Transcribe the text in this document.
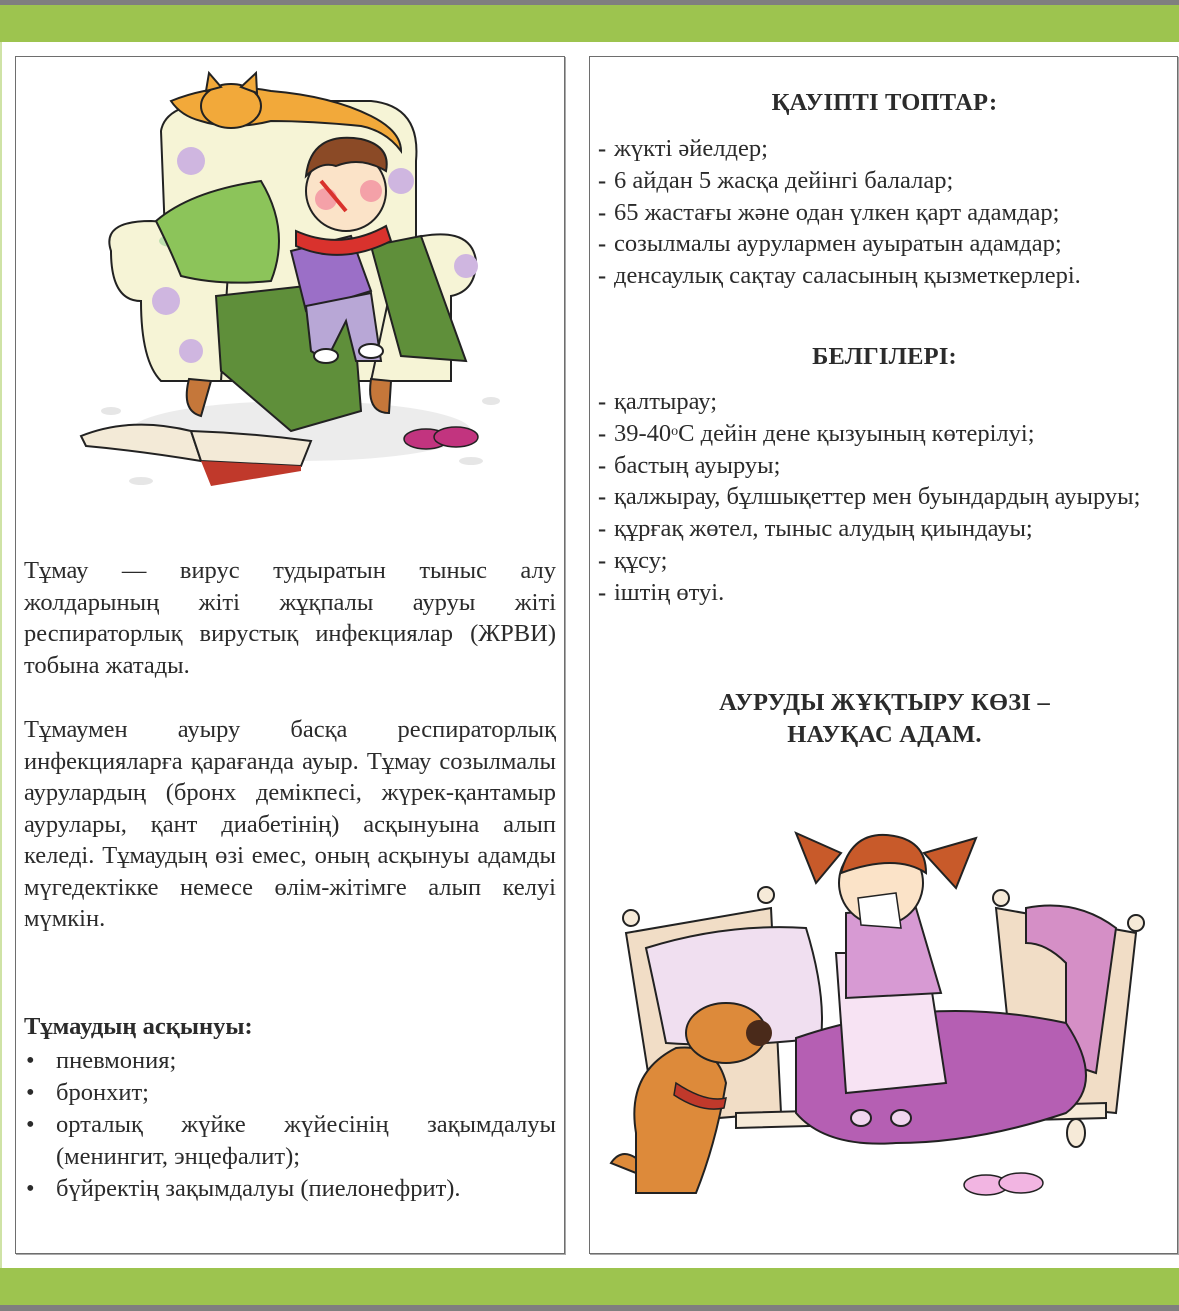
Тұмау — вирус тудыратын тыныс алу жолдарының жіті жұқпалы ауруы жіті респираторлық вирустық инфекциялар (ЖРВИ) тобына жатады.

Тұмаумен ауыру басқа респираторлық инфекцияларға қарағанда ауыр. Тұмау созылмалы аурулардың (бронх демікпесі, жүрек-қантамыр аурулары, қант диабетінің) асқынуына алып келеді. Тұмаудың өзі емес, оның асқынуы адамды мүгедектікке немесе өлім-жітімге алып келуі мүмкін.

Тұмаудың асқынуы:

• пневмония;
• бронхит;
• орталық жүйке жүйесінің зақымдалуы (менингит, энцефалит);
• бүйректің зақымдалуы (пиелонефрит).
ҚАУІПТІ ТОПТАР:
- жүкті әйелдер;
- 6 айдан 5 жасқа дейінгі балалар;
- 65 жастағы және одан үлкен қарт адамдар;
- созылмалы аурулармен ауыратын адамдар;
- денсаулық сақтау саласының қызметкерлері.
БЕЛГІЛЕРІ:
- қалтырау;
- 39-40$^o$С дейін дене қызуының көтерілуі;
- бастың ауыруы;
- қалжырау, бұлшықеттер мен буындардың ауыруы;
- құрғақ жөтел, тыныс алудың қиындауы;
- құсу;
- іштің өтуі.
АУРУДЫ ЖҰҚТЫРУ КӨЗІ –
НАУҚАС АДАМ.
